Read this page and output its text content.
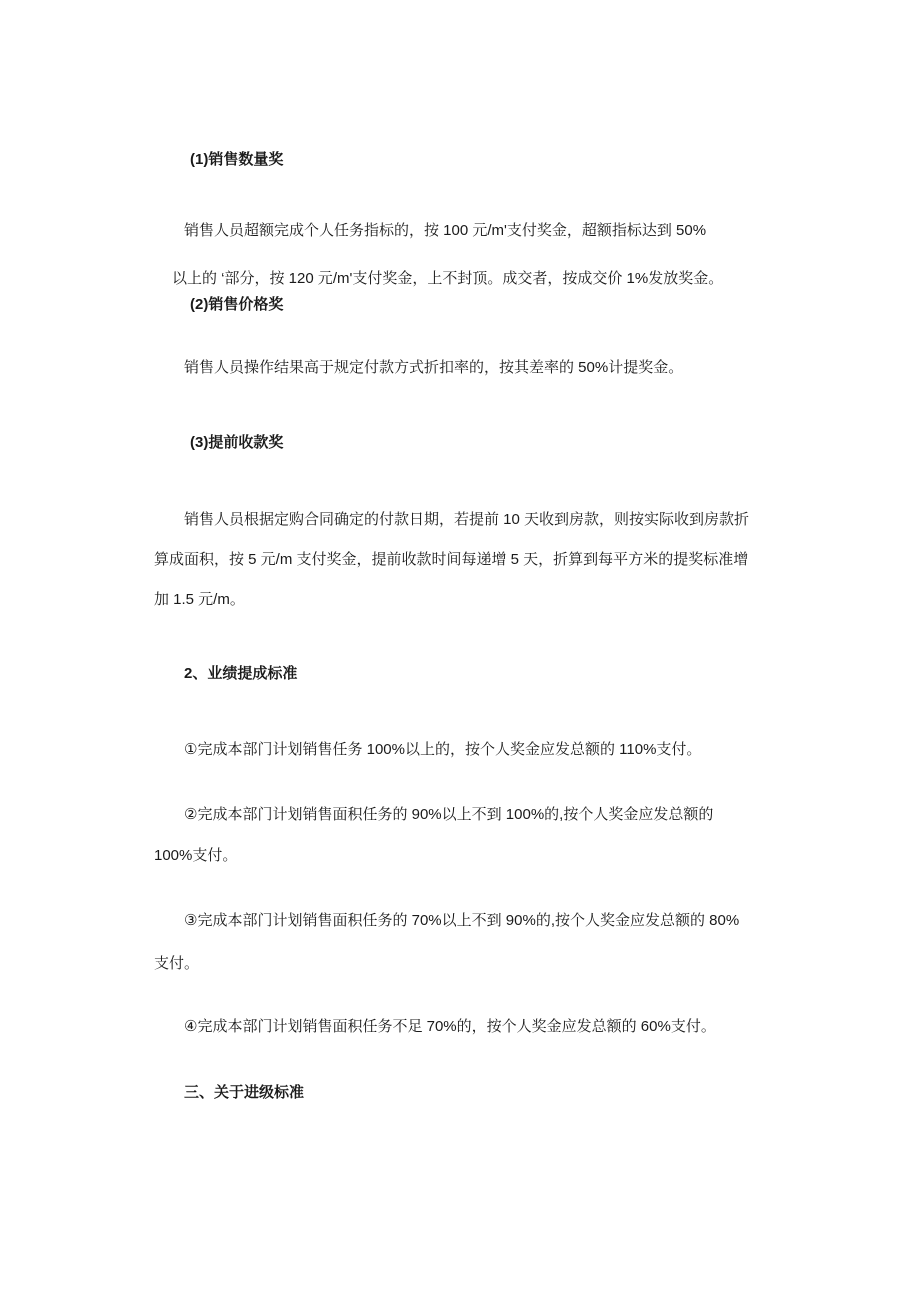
(1)销售数量奖
销售人员超额完成个人任务指标的，按 100 元/m'支付奖金，超额指标达到 50%
以上的 ‘部分，按 120 元/m'支付奖金，上不封顶。成交者，按成交价 1%发放奖金。
(2)销售价格奖
销售人员操作结果高于规定付款方式折扣率的，按其差率的 50%计提奖金。
(3)提前收款奖
销售人员根据定购合同确定的付款日期，若提前 10 天收到房款，则按实际收到房款折
算成面积，按 5 元/m 支付奖金，提前收款时间每递增 5 天，折算到每平方米的提奖标准增
加 1.5 元/m。
2、业绩提成标准
①完成本部门计划销售任务 100%以上的，按个人奖金应发总额的 110%支付。
②完成本部门计划销售面积任务的 90%以上不到 100%的,按个人奖金应发总额的
100%支付。
③完成本部门计划销售面积任务的 70%以上不到 90%的,按个人奖金应发总额的 80%
支付。
④完成本部门计划销售面积任务不足 70%的，按个人奖金应发总额的 60%支付。
三、关于进级标准
